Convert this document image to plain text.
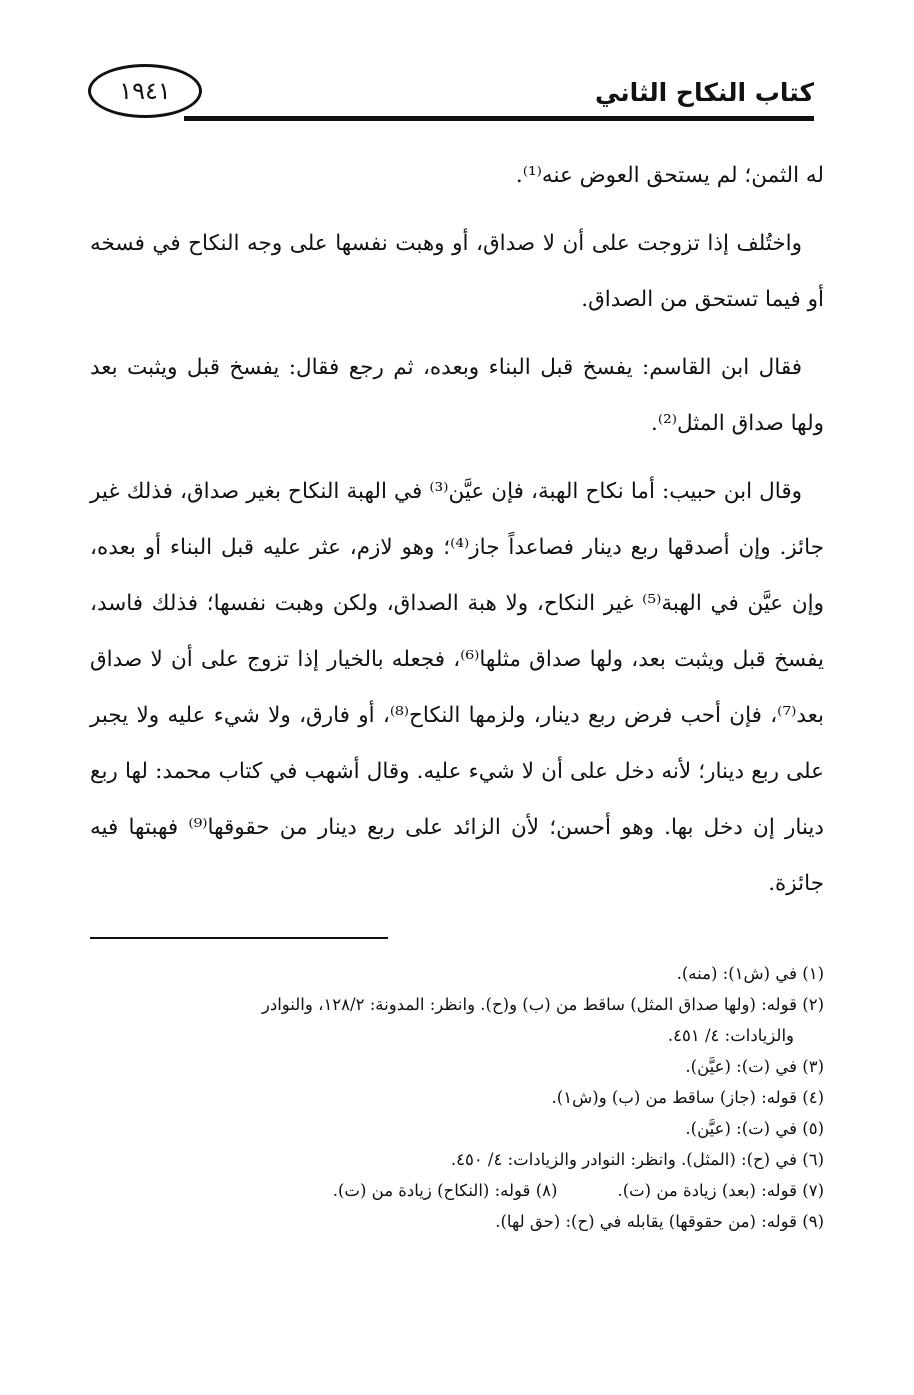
كتاب النكاح الثاني
١٩٤١

له الثمن؛ لم يستحق العوض عنه⁽¹⁾.

واختُلف إذا تزوجت على أن لا صداق، أو وهبت نفسها على وجه النكاح في فسخه أو فيما تستحق من الصداق.

فقال ابن القاسم: يفسخ قبل البناء وبعده، ثم رجع فقال: يفسخ قبل ويثبت بعد ولها صداق المثل⁽²⁾.

وقال ابن حبيب: أما نكاح الهبة، فإن عيَّن⁽³⁾ في الهبة النكاح بغير صداق، فذلك غير جائز. وإن أصدقها ربع دينار فصاعداً جاز⁽⁴⁾؛ وهو لازم، عثر عليه قبل البناء أو بعده، وإن عيَّن في الهبة⁽⁵⁾ غير النكاح، ولا هبة الصداق، ولكن وهبت نفسها؛ فذلك فاسد، يفسخ قبل ويثبت بعد، ولها صداق مثلها⁽⁶⁾، فجعله بالخيار إذا تزوج على أن لا صداق بعد⁽⁷⁾، فإن أحب فرض ربع دينار، ولزمها النكاح⁽⁸⁾، أو فارق، ولا شيء عليه ولا يجبر على ربع دينار؛ لأنه دخل على أن لا شيء عليه. وقال أشهب في كتاب محمد: لها ربع دينار إن دخل بها. وهو أحسن؛ لأن الزائد على ربع دينار من حقوقها⁽⁹⁾ فهبتها فيه جائزة.

(١) في (ش١): (منه).

(٢) قوله: (ولها صداق المثل) ساقط من (ب) و(ح). وانظر: المدونة: ١٢٨/٢، والنوادر

والزيادات: ٤/ ٤٥١.

(٣) في (ت): (عيَّن).

(٤) قوله: (جاز) ساقط من (ب) و(ش١).

(٥) في (ت): (عيَّن).

(٦) في (ح): (المثل). وانظر: النوادر والزيادات: ٤/ ٤٥٠.

(٧) قوله: (بعد) زيادة من (ت).
(٨) قوله: (النكاح) زيادة من (ت).

(٩) قوله: (من حقوقها) يقابله في (ح): (حق لها).
